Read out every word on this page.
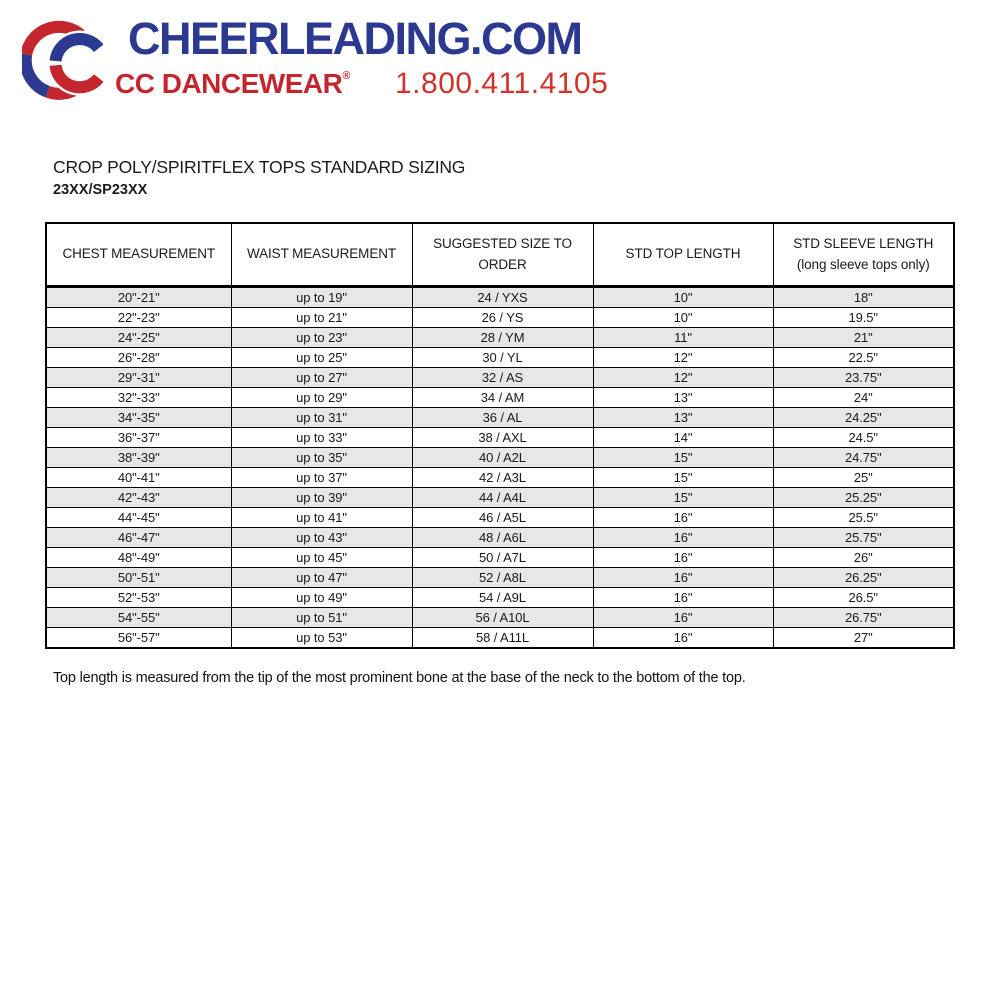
CHEERLEADING.COM
CC DANCEWEAR® 1.800.411.4105
CROP POLY/SPIRITFLEX TOPS STANDARD SIZING
23XX/SP23XX
CHEST MEASUREMENT	WAIST MEASUREMENT	SUGGESTED SIZE TO ORDER	STD TOP LENGTH	STD SLEEVE LENGTH (long sleeve tops only)
20"-21"	up to 19"	24 / YXS	10"	18"
22"-23"	up to 21"	26 / YS	10"	19.5"
24"-25"	up to 23"	28 / YM	11"	21"
26"-28"	up to 25"	30 / YL	12"	22.5"
29"-31"	up to 27"	32 / AS	12"	23.75"
32"-33"	up to 29"	34 / AM	13"	24"
34"-35"	up to 31"	36 / AL	13"	24.25"
36"-37"	up to 33"	38 / AXL	14"	24.5"
38"-39"	up to 35"	40 / A2L	15"	24.75"
40"-41"	up to 37"	42 / A3L	15"	25"
42"-43"	up to 39"	44 / A4L	15"	25.25"
44"-45"	up to 41"	46 / A5L	16"	25.5"
46"-47"	up to 43"	48 / A6L	16"	25.75"
48"-49"	up to 45"	50 / A7L	16"	26"
50"-51"	up to 47"	52 / A8L	16"	26.25"
52"-53"	up to 49"	54 / A9L	16"	26.5"
54"-55"	up to 51"	56 / A10L	16"	26.75"
56"-57"	up to 53"	58 / A11L	16"	27"
Top length is measured from the tip of the most prominent bone at the base of the neck to the bottom of the top.
